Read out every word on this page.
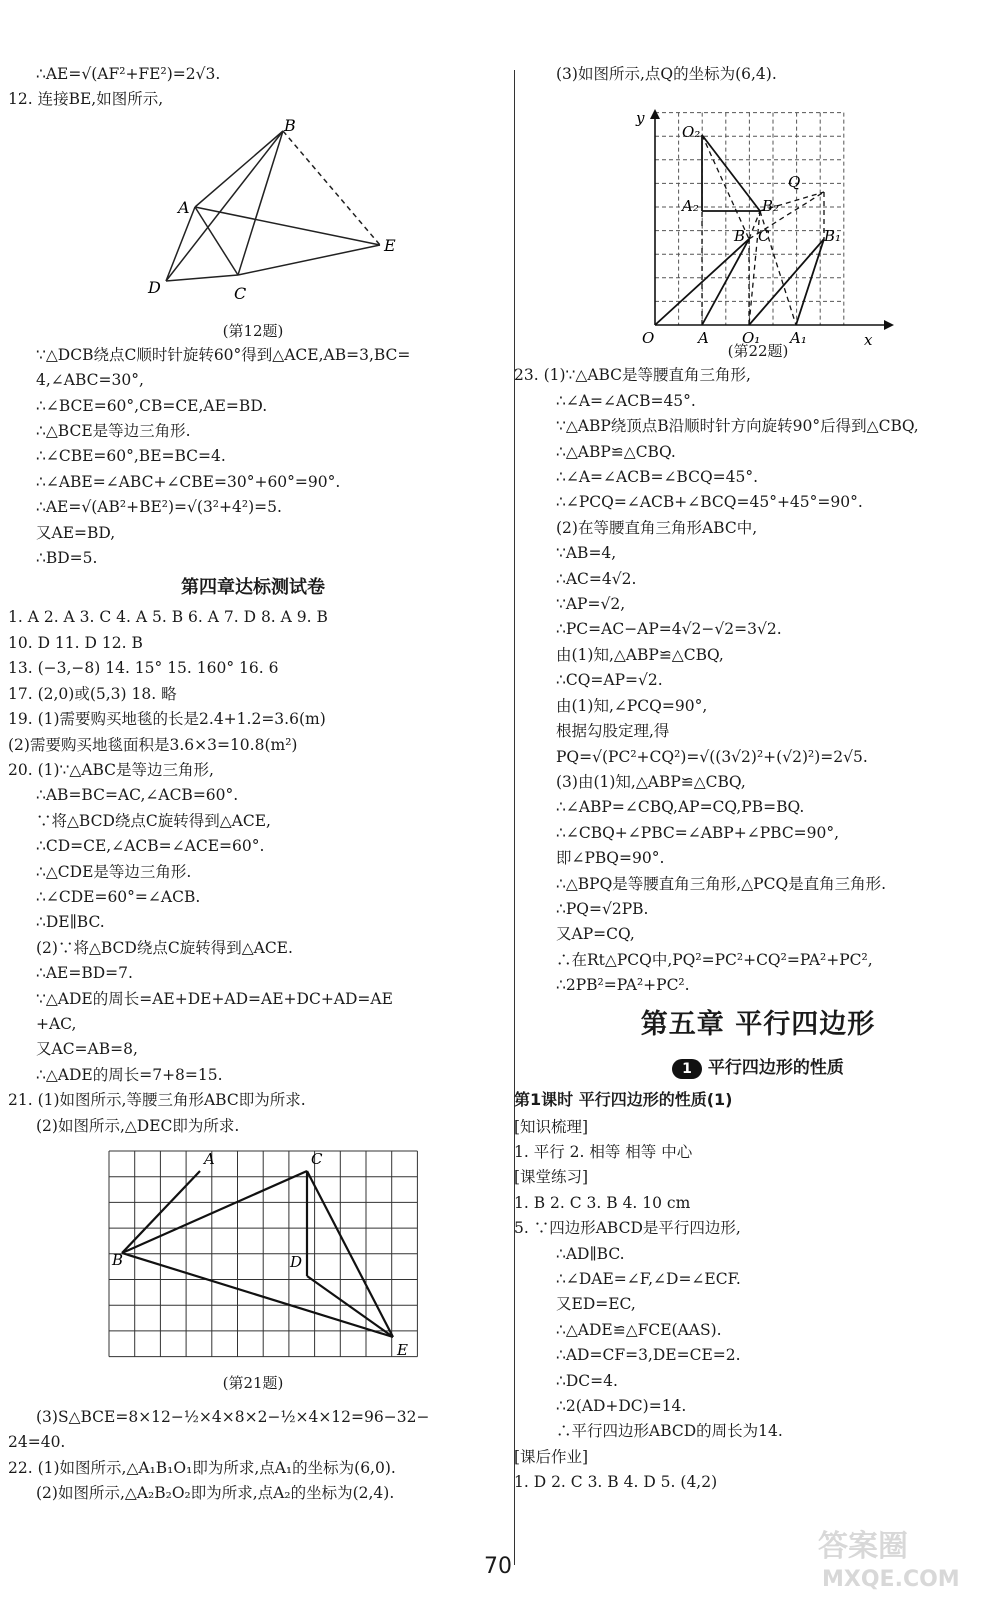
∴AE=√(AF²+FE²)=2√3.
12. 连接BE,如图所示,
B
A
E
D	C
(第12题)
∵△DCB绕点C顺时针旋转60°得到△ACE,AB=3,BC=
4,∠ABC=30°,
∴∠BCE=60°,CB=CE,AE=BD.
∴△BCE是等边三角形.
∴∠CBE=60°,BE=BC=4.
∴∠ABE=∠ABC+∠CBE=30°+60°=90°.
∴AE=√(AB²+BE²)=√(3²+4²)=5.
又AE=BD,
∴BD=5.
第四章达标测试卷
1. A 2. A 3. C 4. A 5. B 6. A 7. D 8. A 9. B
10. D 11. D 12. B
13. (−3,−8) 14. 15° 15. 160° 16. 6
17. (2,0)或(5,3) 18. 略
19. (1)需要购买地毯的长是2.4+1.2=3.6(m)
(2)需要购买地毯面积是3.6×3=10.8(m²)
20. (1)∵△ABC是等边三角形,
∴AB=BC=AC,∠ACB=60°.
∵将△BCD绕点C旋转得到△ACE,
∴CD=CE,∠ACB=∠ACE=60°.
∴△CDE是等边三角形.
∴∠CDE=60°=∠ACB.
∴DE∥BC.
(2)∵将△BCD绕点C旋转得到△ACE.
∴AE=BD=7.
∵△ADE的周长=AE+DE+AD=AE+DC+AD=AE
+AC,
又AC=AB=8,
∴△ADE的周长=7+8=15.
21. (1)如图所示,等腰三角形ABC即为所求.
(2)如图所示,△DEC即为所求.
A	C
B	D
E
(第21题)
(3)S△BCE=8×12−½×4×8×2−½×4×12=96−32−
24=40.
22. (1)如图所示,△A₁B₁O₁即为所求,点A₁的坐标为(6,0).
(2)如图所示,△A₂B₂O₂即为所求,点A₂的坐标为(2,4).
(3)如图所示,点Q的坐标为(6,4).
y
x
O
O₂
Q
A₂	B₂
B C	B₁
A O₁ A₁
(第22题)
23. (1)∵△ABC是等腰直角三角形,
∴∠A=∠ACB=45°.
∵△ABP绕顶点B沿顺时针方向旋转90°后得到△CBQ,
∴△ABP≌△CBQ.
∴∠A=∠ACB=∠BCQ=45°.
∴∠PCQ=∠ACB+∠BCQ=45°+45°=90°.
(2)在等腰直角三角形ABC中,
∵AB=4,
∴AC=4√2.
∵AP=√2,
∴PC=AC−AP=4√2−√2=3√2.
由(1)知,△ABP≌△CBQ,
∴CQ=AP=√2.
由(1)知,∠PCQ=90°,
根据勾股定理,得
PQ=√(PC²+CQ²)=√((3√2)²+(√2)²)=2√5.
(3)由(1)知,△ABP≌△CBQ,
∴∠ABP=∠CBQ,AP=CQ,PB=BQ.
∴∠CBQ+∠PBC=∠ABP+∠PBC=90°,
即∠PBQ=90°.
∴△BPQ是等腰直角三角形,△PCQ是直角三角形.
∴PQ=√2PB.
又AP=CQ,
∴在Rt△PCQ中,PQ²=PC²+CQ²=PA²+PC²,
∴2PB²=PA²+PC².
第五章 平行四边形
1 平行四边形的性质
第1课时 平行四边形的性质(1)
[知识梳理]
1. 平行 2. 相等 相等 中心
[课堂练习]
1. B 2. C 3. B 4. 10 cm
5. ∵四边形ABCD是平行四边形,
∴AD∥BC.
∴∠DAE=∠F,∠D=∠ECF.
又ED=EC,
∴△ADE≌△FCE(AAS).
∴AD=CF=3,DE=CE=2.
∴DC=4.
∴2(AD+DC)=14.
∴平行四边形ABCD的周长为14.
[课后作业]
1. D 2. C 3. B 4. D 5. (4,2)
70
答案圈
MXQE.COM
